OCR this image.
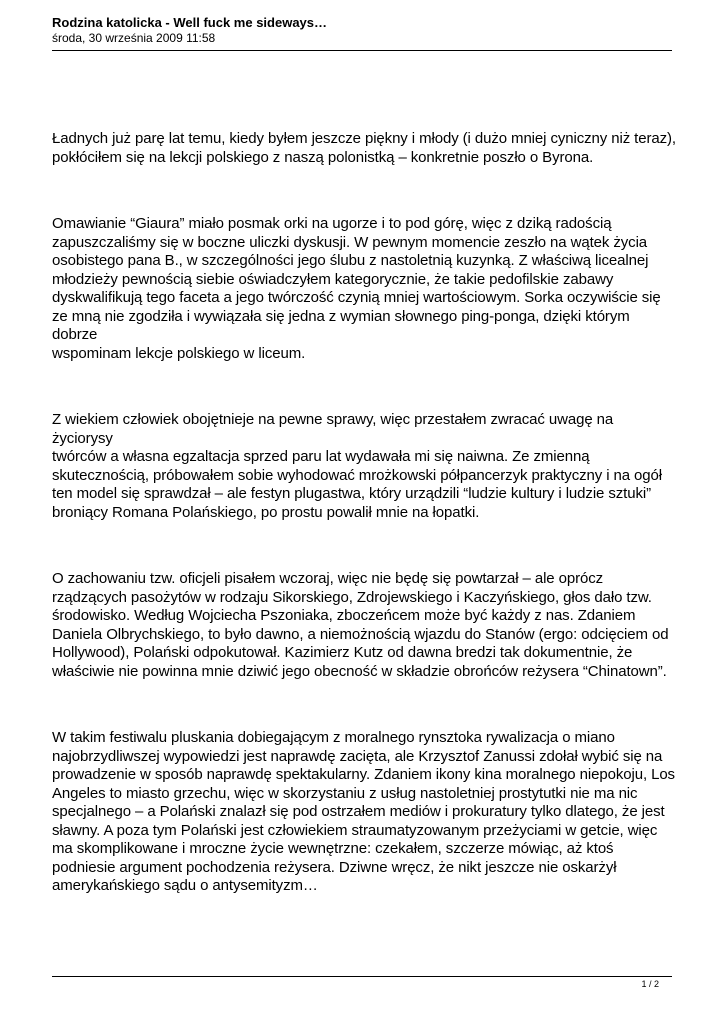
Rodzina katolicka - Well fuck me sideways…

środa, 30 września 2009 11:58

Ładnych już parę lat temu, kiedy byłem jeszcze piękny i młody (i dużo mniej cyniczny niż teraz),
pokłóciłem się na lekcji polskiego z naszą polonistką – konkretnie poszło o Byrona.

Omawianie “Giaura” miało posmak orki na ugorze i to pod górę, więc z dziką radością
zapuszczaliśmy się w boczne uliczki dyskusji. W pewnym momencie zeszło na wątek życia
osobistego pana B., w szczególności jego ślubu z nastoletnią kuzynką. Z właściwą licealnej
młodzieży pewnością siebie oświadczyłem kategorycznie, że takie pedofilskie zabawy
dyskwalifikują tego faceta a jego twórczość czynią mniej wartościowym. Sorka oczywiście się
ze mną nie zgodziła i wywiązała się jedna z wymian słownego ping-ponga, dzięki którym dobrze
wspominam lekcje polskiego w liceum.

Z wiekiem człowiek obojętnieje na pewne sprawy, więc przestałem zwracać uwagę na życiorysy
twórców a własna egzaltacja sprzed paru lat wydawała mi się naiwna. Ze zmienną
skutecznością, próbowałem sobie wyhodować mrożkowski półpancerzyk praktyczny i na ogół
ten model się sprawdzał – ale festyn plugastwa, który urządzili “ludzie kultury i ludzie sztuki”
broniący Romana Polańskiego, po prostu powalił mnie na łopatki.

O zachowaniu tzw. oficjeli pisałem wczoraj, więc nie będę się powtarzał – ale oprócz
rządzących pasożytów w rodzaju Sikorskiego, Zdrojewskiego i Kaczyńskiego, głos dało tzw.
środowisko. Według Wojciecha Pszoniaka, zboczeńcem może być każdy z nas. Zdaniem
Daniela Olbrychskiego, to było dawno, a niemożnością wjazdu do Stanów (ergo: odcięciem od
Hollywood), Polański odpokutował. Kazimierz Kutz od dawna bredzi tak dokumentnie, że
właściwie nie powinna mnie dziwić jego obecność w składzie obrońców reżysera “Chinatown”.

W takim festiwalu pluskania dobiegającym z moralnego rynsztoka rywalizacja o miano
najobrzydliwszej wypowiedzi jest naprawdę zacięta, ale Krzysztof Zanussi zdołał wybić się na
prowadzenie w sposób naprawdę spektakularny. Zdaniem ikony kina moralnego niepokoju, Los
Angeles to miasto grzechu, więc w skorzystaniu z usług nastoletniej prostytutki nie ma nic
specjalnego – a Polański znalazł się pod ostrzałem mediów i prokuratury tylko dlatego, że jest
sławny. A poza tym Polański jest człowiekiem straumatyzowanym przeżyciami w getcie, więc
ma skomplikowane i mroczne życie wewnętrzne: czekałem, szczerze mówiąc, aż ktoś
podniesie argument pochodzenia reżysera. Dziwne wręcz, że nikt jeszcze nie oskarżył
amerykańskiego sądu o antysemityzm…

1 / 2
